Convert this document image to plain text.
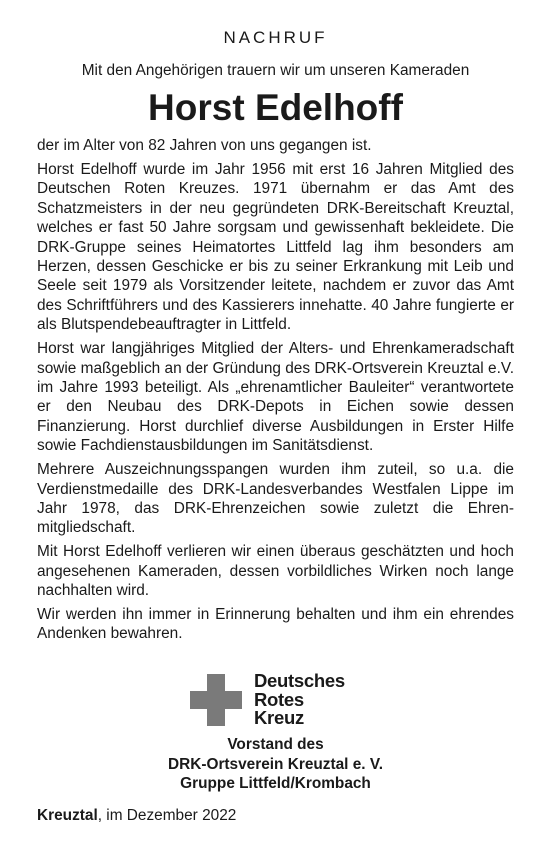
NACHRUF
Mit den Angehörigen trauern wir um unseren Kameraden
Horst Edelhoff
der im Alter von 82 Jahren von uns gegangen ist.

Horst Edelhoff wurde im Jahr 1956 mit erst 16 Jahren Mitglied des Deutschen Roten Kreuzes. 1971 übernahm er das Amt des Schatzmeisters in der neu gegründeten DRK-Bereitschaft Kreuztal, welches er fast 50 Jahre sorgsam und gewissenhaft bekleidete. Die DRK-Gruppe seines Heimatortes Littfeld lag ihm besonders am Herzen, dessen Geschicke er bis zu seiner Erkrankung mit Leib und Seele seit 1979 als Vorsitzender leitete, nachdem er zuvor das Amt des Schriftführers und des Kassierers innehatte. 40 Jahre fungierte er als Blutspendebeauftragter in Littfeld.

Horst war langjähriges Mitglied der Alters- und Ehrenkameradschaft sowie maßgeblich an der Gründung des DRK-Ortsverein Kreuztal e.V. im Jahre 1993 beteiligt. Als „ehrenamtlicher Bauleiter“ verantwortete er den Neubau des DRK-Depots in Eichen sowie dessen Finanzierung. Horst durchlief diverse Ausbildungen in Erster Hilfe sowie Fachdienstausbildungen im Sanitätsdienst.

Mehrere Auszeichnungsspangen wurden ihm zuteil, so u.a. die Verdienstmedaille des DRK-Landesverbandes Westfalen Lippe im Jahr 1978, das DRK-Ehrenzeichen sowie zuletzt die Ehrenmitgliedschaft.

Mit Horst Edelhoff verlieren wir einen überaus geschätzten und hoch angesehenen Kameraden, dessen vorbildliches Wirken noch lange nachhalten wird.

Wir werden ihn immer in Erinnerung behalten und ihm ein ehrendes Andenken bewahren.

Deutsches
Rotes
Kreuz
Vorstand des
DRK-Ortsverein Kreuztal e. V.
Gruppe Littfeld/Krombach
Kreuztal, im Dezember 2022
